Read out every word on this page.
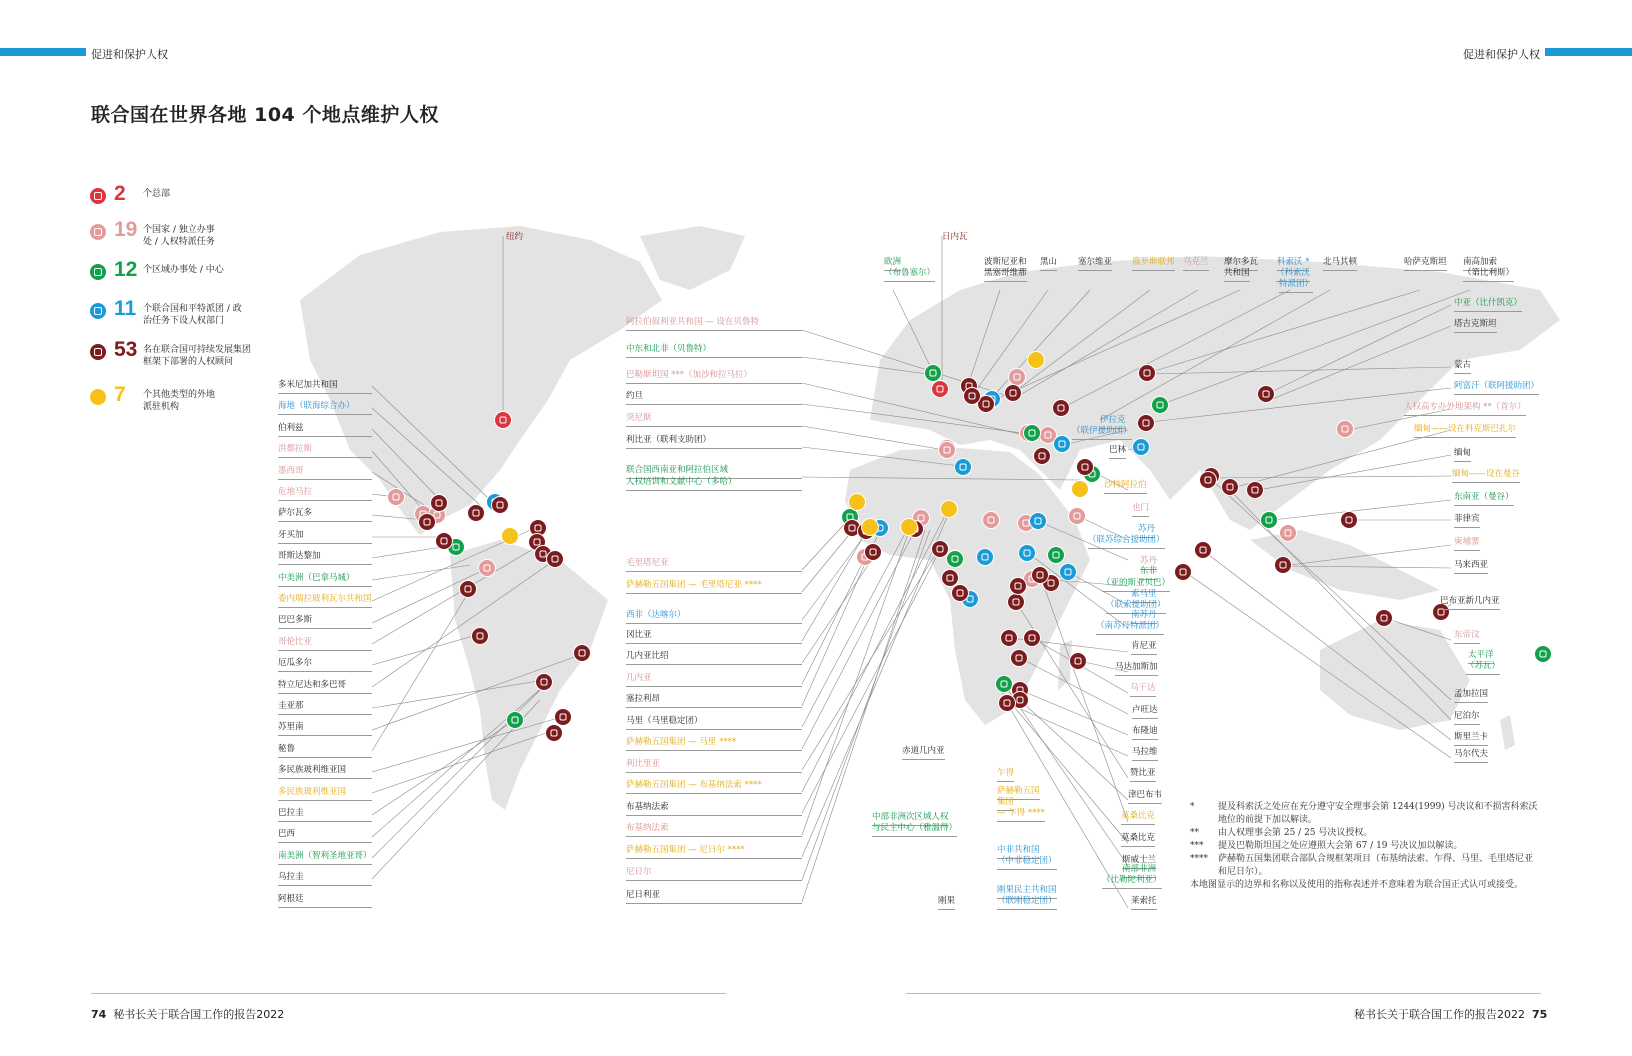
促进和保护人权	促进和保护人权
联合国在世界各地 104 个地点维护人权
2 个总部
19 个国家 / 独立办事处 / 人权特派任务
12 个区域办事处 / 中心
11 个联合国和平特派团 / 政治任务下设人权部门
53 名在联合国可持续发展集团框架下部署的人权顾问
7 个其他类型的外地派驻机构
纽约	日内瓦
多米尼加共和国
海地（联海综合办）
伯利兹
洪都拉斯
墨西哥
危地马拉
萨尔瓦多
牙买加
哥斯达黎加
中美洲（巴拿马城）
委内瑞拉玻利瓦尔共和国
巴巴多斯
哥伦比亚
厄瓜多尔
特立尼达和多巴哥
圭亚那
苏里南
秘鲁
多民族玻利维亚国
多民族玻利维亚国
巴拉圭
巴西
南美洲（智利圣地亚哥）
乌拉圭
阿根廷
阿拉伯叙利亚共和国 — 设在贝鲁特
中东和北非（贝鲁特）
巴勒斯坦国 ***（加沙和拉马拉）
约旦
突尼斯
利比亚（联利支助团）
联合国西南亚和阿拉伯区域
人权培训和文献中心（多哈）
毛里塔尼亚
萨赫勒五国集团 — 毛里塔尼亚 ****
西非（达喀尔）
冈比亚
几内亚比绍
几内亚
塞拉利昂
马里（马里稳定团）
萨赫勒五国集团 — 马里 ****
利比里亚
萨赫勒五国集团 — 布基纳法索 ****
布基纳法索
布基纳法索
萨赫勒五国集团 — 尼日尔 ****
尼日尔
尼日利亚
中亚（比什凯克）
塔吉克斯坦
蒙古
阿富汗（联阿援助团）
人权高专办外地架构 **（首尔）
缅甸——设在科克斯巴扎尔
缅甸
缅甸——设在曼谷
东南亚（曼谷）
菲律宾
柬埔寨
马来西亚
巴布亚新几内亚
东帝汶
太平洋
（苏瓦）
孟加拉国
尼泊尔
斯里兰卡
马尔代夫
伊拉克
（联伊援助团）
巴林
沙特阿拉伯
也门
苏丹
（联苏综合援助团）
苏丹
东非
（亚的斯亚贝巴）
索马里
（联索援助团）
南苏丹
（南苏丹特派团）
肯尼亚
马达加斯加
乌干达
卢旺达
布隆迪
马拉维
赞比亚
津巴布韦
莫桑比克
莫桑比克
斯威士兰
南部非洲
（比勒陀利亚）
莱索托
欧洲
（布鲁塞尔）
波斯尼亚和
黑塞哥维那
黑山 塞尔维亚 俄罗斯联邦 乌克兰 摩尔多瓦
共和国
科索沃 *
（科索沃
特派团）
北马其顿	哈萨克斯坦 南高加索
（第比利斯）
赤道几内亚
乍得
萨赫勒五国
集团
— 乍得 ****
中部非洲次区域人权
与民主中心（雅温得）
中非共和国
（中非稳定团）
刚果民主共和国
（联刚稳定团）
刚果
*	提及科索沃之处应在充分遵守安全理事会第 1244(1999) 号决议和不损害科索沃地位的前提下加以解读。
**	由人权理事会第 25 / 25 号决议授权。
***	提及巴勒斯坦国之处应遵照大会第 67 / 19 号决议加以解读。
****	萨赫勒五国集团联合部队合规框架项目（布基纳法索、乍得、马里、毛里塔尼亚和尼日尔）。
本地图显示的边界和名称以及使用的指称表述并不意味着为联合国正式认可或接受。
74 秘书长关于联合国工作的报告2022	秘书长关于联合国工作的报告2022 75
